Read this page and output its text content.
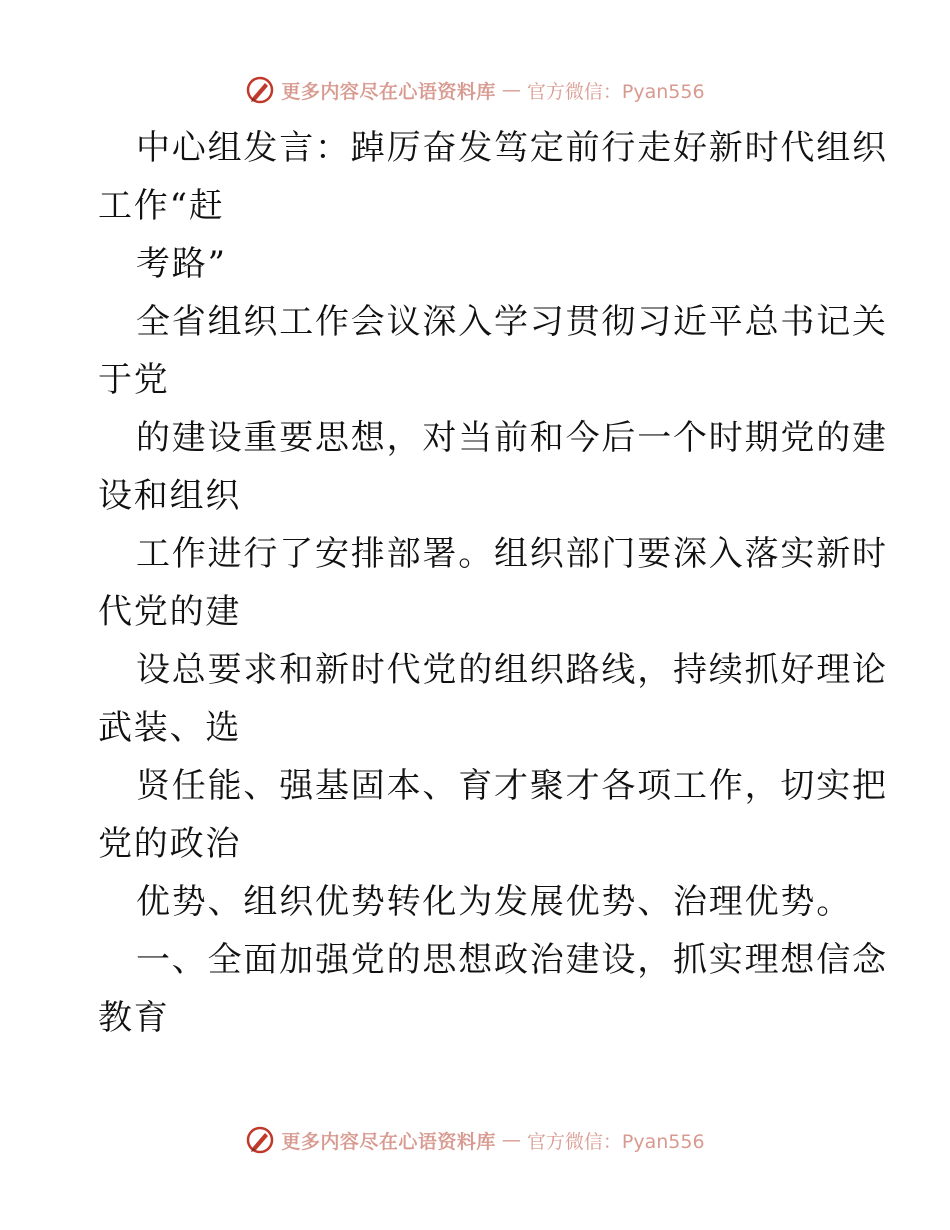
更多内容尽在心语资料库 — 官方微信：Pyan556
中心组发言：踔厉奋发笃定前行走好新时代组织
工作“赶
考路”
全省组织工作会议深入学习贯彻习近平总书记关
于党
的建设重要思想，对当前和今后一个时期党的建
设和组织
工作进行了安排部署。组织部门要深入落实新时
代党的建
设总要求和新时代党的组织路线，持续抓好理论
武装、选
贤任能、强基固本、育才聚才各项工作，切实把
党的政治
优势、组织优势转化为发展优势、治理优势。
一、全面加强党的思想政治建设，抓实理想信念
教育
更多内容尽在心语资料库 — 官方微信：Pyan556
